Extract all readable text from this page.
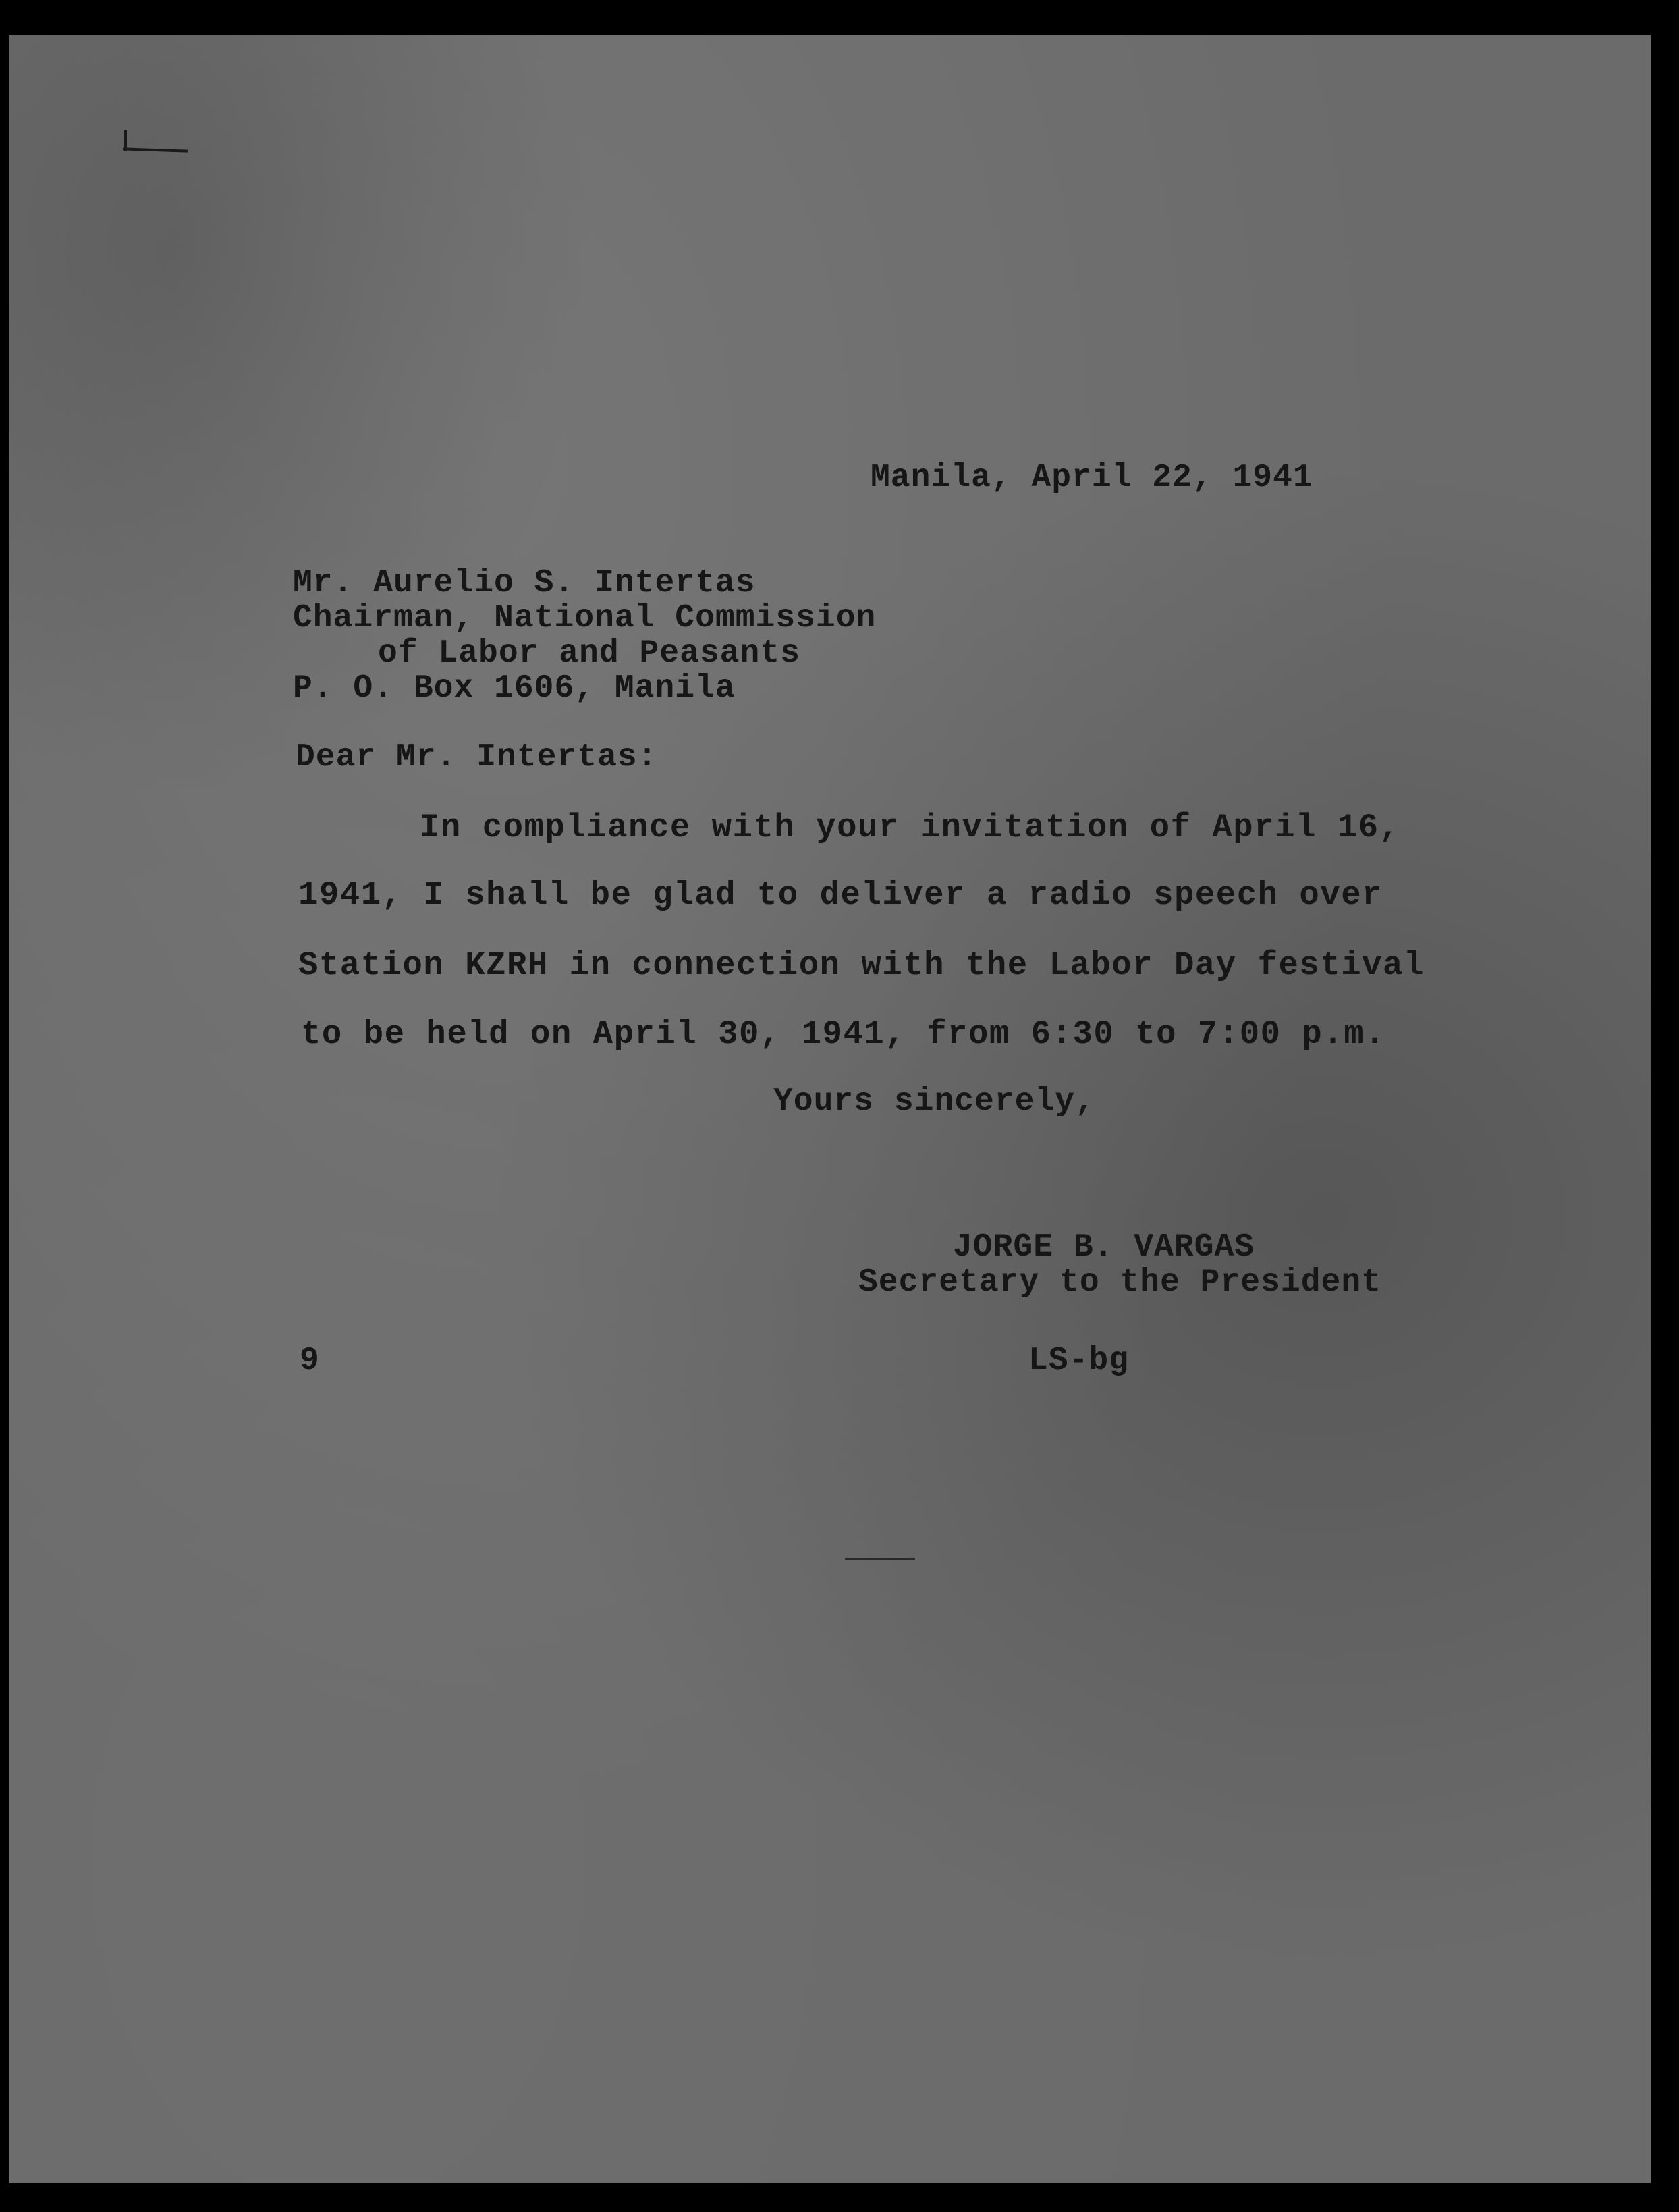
Manila, April 22, 1941
Mr. Aurelio S. Intertas
Chairman, National Commission
of Labor and Peasants
P. O. Box 1606, Manila
Dear Mr. Intertas:
In compliance with your invitation of April 16,
1941, I shall be glad to deliver a radio speech over
Station KZRH in connection with the Labor Day festival
to be held on April 30, 1941, from 6:30 to 7:00 p.m.
Yours sincerely,
JORGE B. VARGAS
Secretary to the President
9	LS-bg
